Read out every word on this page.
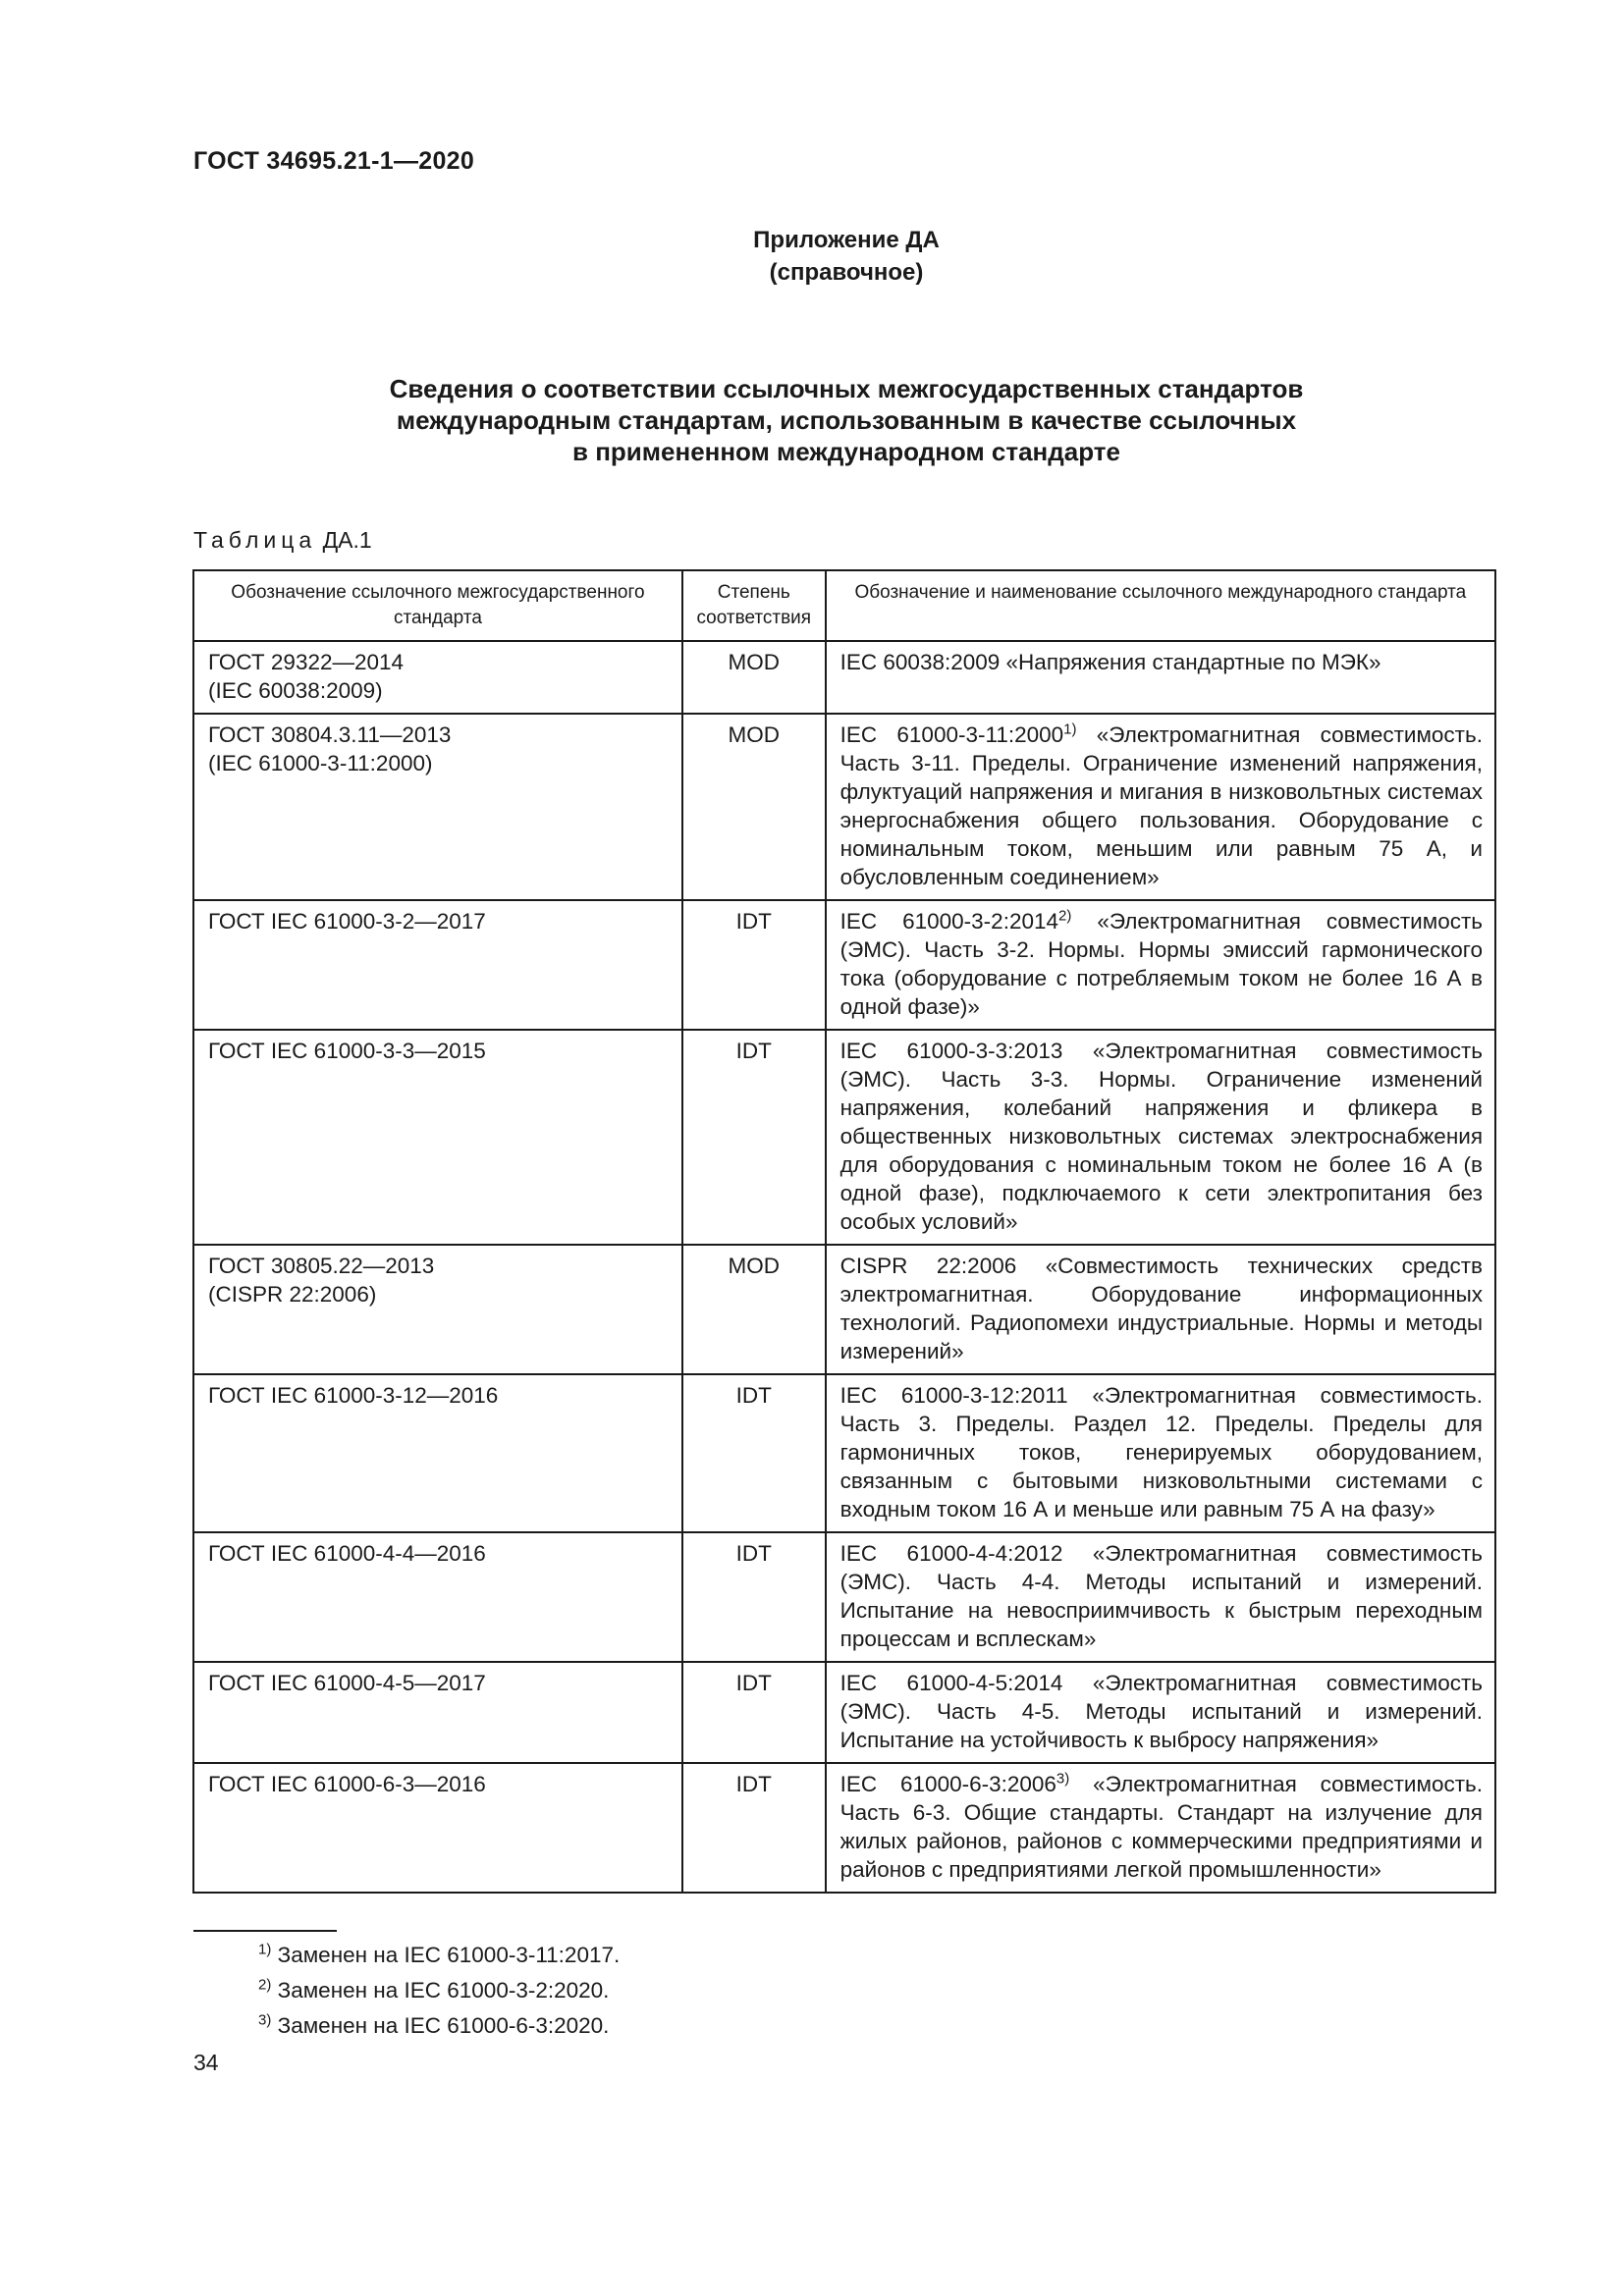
ГОСТ 34695.21-1—2020
Приложение ДА
(справочное)
Сведения о соответствии ссылочных межгосударственных стандартов
международным стандартам, использованным в качестве ссылочных
в примененном международном стандарте
Таблица ДА.1
Обозначение ссылочного межгосударственного стандарта	Степень соответствия	Обозначение и наименование ссылочного международного стандарта

ГОСТ 29322—2014
(IEC 60038:2009)	MOD	IEC 60038:2009 «Напряжения стандартные по МЭК»

ГОСТ 30804.3.11—2013
(IEC 61000-3-11:2000)	MOD	IEC 61000-3-11:2000$^{1)}$ «Электромагнитная совместимость. Часть 3-11. Пределы. Ограничение изменений напряжения, флуктуаций напряжения и мигания в низковольтных системах энергоснабжения общего пользования. Оборудование с номинальным током, меньшим или равным 75 А, и обусловленным соединением»

ГОСТ IEC 61000-3-2—2017	IDT	IEC 61000-3-2:2014$^{2)}$ «Электромагнитная совместимость (ЭМС). Часть 3-2. Нормы. Нормы эмиссий гармонического тока (оборудование с потребляемым током не более 16 А в одной фазе)»

ГОСТ IEC 61000-3-3—2015	IDT	IEC 61000-3-3:2013 «Электромагнитная совместимость (ЭМС). Часть 3-3. Нормы. Ограничение изменений напряжения, колебаний напряжения и фликера в общественных низковольтных системах электроснабжения для оборудования с номинальным током не более 16 А (в одной фазе), подключаемого к сети электропитания без особых условий»

ГОСТ 30805.22—2013
(CISPR 22:2006)	MOD	CISPR 22:2006 «Совместимость технических средств электромагнитная. Оборудование информационных технологий. Радиопомехи индустриальные. Нормы и методы измерений»

ГОСТ IEC 61000-3-12—2016	IDT	IEC 61000-3-12:2011 «Электромагнитная совместимость. Часть 3. Пределы. Раздел 12. Пределы. Пределы для гармоничных токов, генерируемых оборудованием, связанным с бытовыми низковольтными системами с входным током 16 А и меньше или равным 75 А на фазу»

ГОСТ IEC 61000-4-4—2016	IDT	IEC 61000-4-4:2012 «Электромагнитная совместимость (ЭМС). Часть 4-4. Методы испытаний и измерений. Испытание на невосприимчивость к быстрым переходным процессам и всплескам»

ГОСТ IEC 61000-4-5—2017	IDT	IEC 61000-4-5:2014 «Электромагнитная совместимость (ЭМС). Часть 4-5. Методы испытаний и измерений. Испытание на устойчивость к выбросу напряжения»

ГОСТ IEC 61000-6-3—2016	IDT	IEC 61000-6-3:2006$^{3)}$ «Электромагнитная совместимость. Часть 6-3. Общие стандарты. Стандарт на излучение для жилых районов, районов с коммерческими предприятиями и районов с предприятиями легкой промышленности»
$^{1)}$ Заменен на IEC 61000-3-11:2017.
$^{2)}$ Заменен на IEC 61000-3-2:2020.
$^{3)}$ Заменен на IEC 61000-6-3:2020.
34
